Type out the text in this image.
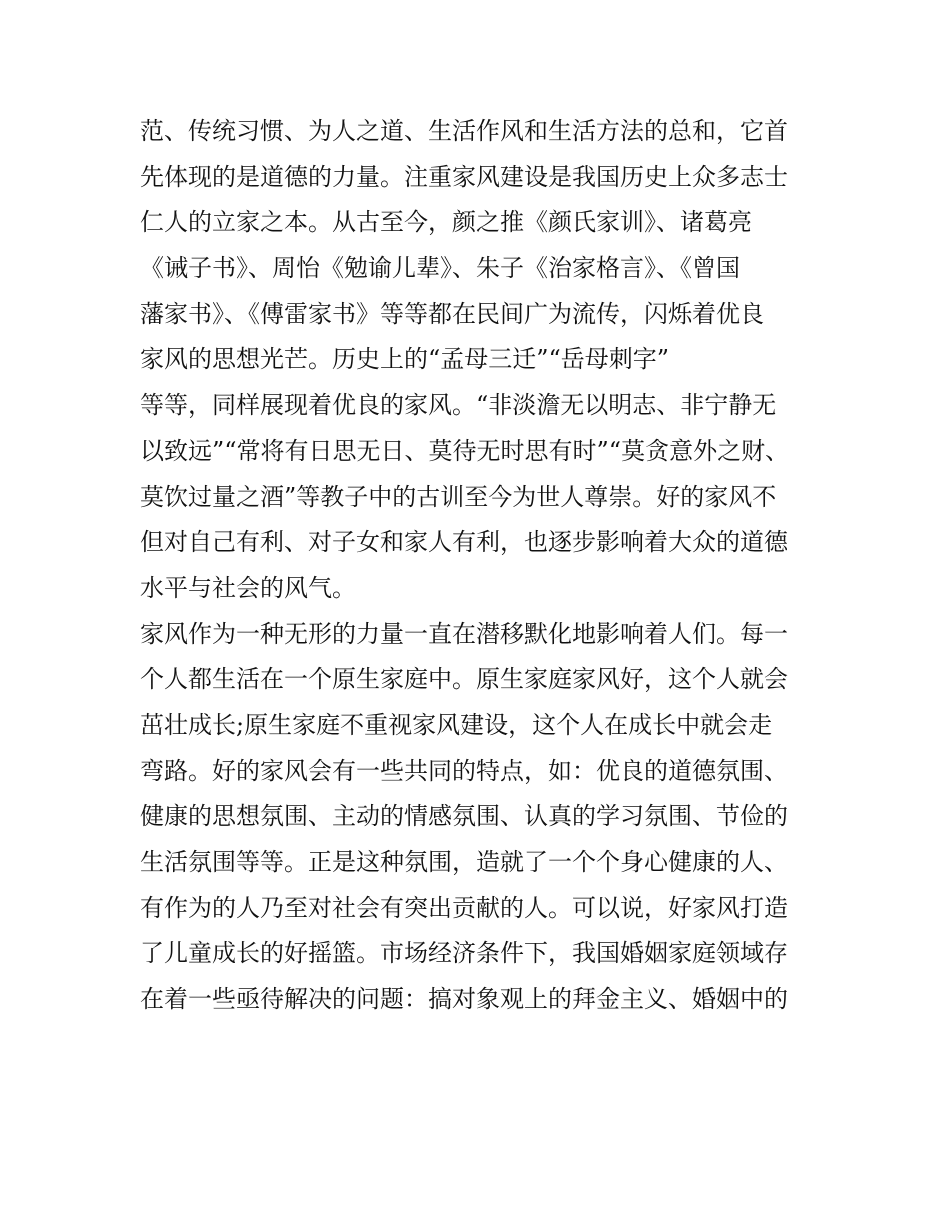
范、传统习惯、为人之道、生活作风和生活方法的总和，它首
先体现的是道德的力量。注重家风建设是我国历史上众多志士
仁人的立家之本。从古至今，颜之推《颜氏家训》、诸葛亮
《诫子书》、周怡《勉谕儿辈》、朱子《治家格言》、《曾国
藩家书》、《傅雷家书》等等都在民间广为流传，闪烁着优良
家风的思想光芒。历史上的“孟母三迁”“岳母刺字”
等等，同样展现着优良的家风。“非淡澹无以明志、非宁静无
以致远”“常将有日思无日、莫待无时思有时”“莫贪意外之财、
莫饮过量之酒”等教子中的古训至今为世人尊崇。好的家风不
但对自己有利、对子女和家人有利，也逐步影响着大众的道德
水平与社会的风气。
家风作为一种无形的力量一直在潜移默化地影响着人们。每一
个人都生活在一个原生家庭中。原生家庭家风好，这个人就会
茁壮成长;原生家庭不重视家风建设，这个人在成长中就会走
弯路。好的家风会有一些共同的特点，如：优良的道德氛围、
健康的思想氛围、主动的情感氛围、认真的学习氛围、节俭的
生活氛围等等。正是这种氛围，造就了一个个身心健康的人、
有作为的人乃至对社会有突出贡献的人。可以说，好家风打造
了儿童成长的好摇篮。市场经济条件下，我国婚姻家庭领域存
在着一些亟待解决的问题：搞对象观上的拜金主义、婚姻中的
